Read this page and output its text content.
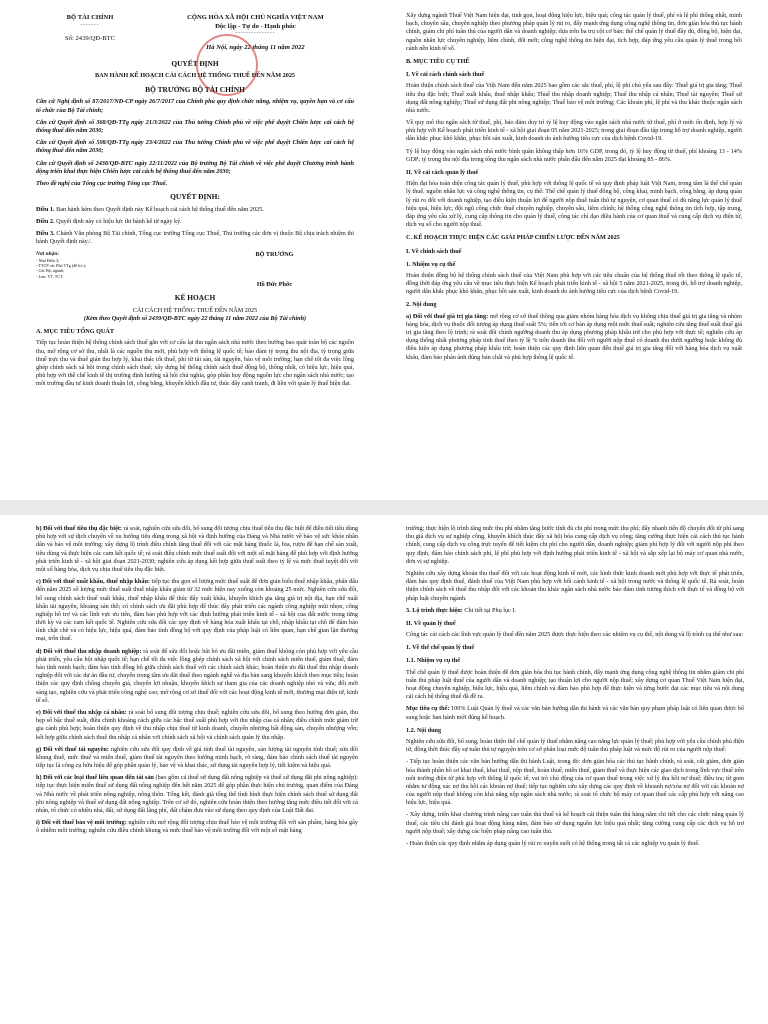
BỘ TÀI CHÍNH
-------
Số: 2439/QĐ-BTC
CỘNG HÒA XÃ HỘI CHỦ NGHĨA VIỆT NAM
Độc lập - Tự do - Hạnh phúc
---------------
Hà Nội, ngày 22 tháng 11 năm 2022
QUYẾT ĐỊNH
BAN HÀNH KẾ HOẠCH CẢI CÁCH HỆ THỐNG THUẾ ĐẾN NĂM 2025
BỘ TRƯỞNG BỘ TÀI CHÍNH

Căn cứ Nghị định số 87/2017/NĐ-CP ngày 26/7/2017 của Chính phủ quy định chức năng, nhiệm vụ, quyền hạn và cơ cấu tổ chức của Bộ Tài chính;

Căn cứ Quyết định số 368/QĐ-TTg ngày 21/3/2022 của Thủ tướng Chính phủ về việc phê duyệt Chiến lược cải cách hệ thống thuế đến năm 2030;

Căn cứ Quyết định số 508/QĐ-TTg ngày 23/4/2022 của Thủ tướng Chính phủ về việc phê duyệt Chiến lược cải cách hệ thống thuế đến năm 2030;

Căn cứ Quyết định số 2438/QĐ-BTC ngày 22/11/2022 của Bộ trưởng Bộ Tài chính về việc phê duyệt Chương trình hành động triển khai thực hiện Chiến lược cải cách hệ thống thuế đến năm 2030;

Theo đề nghị của Tổng cục trưởng Tổng cục Thuế.

QUYẾT ĐỊNH:

Điều 1. Ban hành kèm theo Quyết định này Kế hoạch cải cách hệ thống thuế đến năm 2025.

Điều 2. Quyết định này có hiệu lực thi hành kể từ ngày ký.

Điều 3. Chánh Văn phòng Bộ Tài chính, Tổng cục trưởng Tổng cục Thuế, Thủ trưởng các đơn vị thuộc Bộ chịu trách nhiệm thi hành Quyết định này./.

Nơi nhận:
- Như Điều 3;
- TTCP các Phó TTg (để b/c);
- Các Bộ, ngành;
- Lưu: VT, TCT.
BỘ TRƯỞNG
Hồ Đức Phớc
KẾ HOẠCH
CẢI CÁCH HỆ THỐNG THUẾ ĐẾN NĂM 2025
(Kèm theo Quyết định số 2439/QĐ-BTC ngày 22 tháng 11 năm 2022 của Bộ Tài chính)
A. MỤC TIÊU TỔNG QUÁT

Tiếp tục hoàn thiện hệ thống chính sách thuế gắn với cơ cấu lại thu ngân sách nhà nước theo hướng bao quát toàn bộ các nguồn thu, mở rộng cơ sở thu, nhất là các nguồn thu mới, phù hợp với thông lệ quốc tế; bảo đảm tỷ trọng thu nội địa, tỷ trọng giữa thuế trực thu và thuế gián thu hợp lý, khai thác tốt thuế, phí từ tài sản, tài nguyên, bảo vệ môi trường; hạn chế tối đa việc lồng ghép chính sách xã hội trong chính sách thuế; xây dựng hệ thống chính sách thuế đồng bộ, thống nhất, có hiệu lực, hiệu quả, phù hợp với thể chế kinh tế thị trường định hướng xã hội chủ nghĩa, góp phần huy động nguồn lực cho ngân sách nhà nước; tạo môi trường đầu tư kinh doanh thuận lợi, công bằng, khuyến khích đầu tư, thúc đẩy cạnh tranh, đi liền với quản lý thuế hiện đại.

Xây dựng ngành Thuế Việt Nam hiện đại, tinh gọn, hoạt động hiệu lực, hiệu quả; công tác quản lý thuế, phí và lệ phí thống nhất, minh bạch, chuyên sâu, chuyên nghiệp theo phương pháp quản lý rủi ro, đẩy mạnh ứng dụng công nghệ thông tin, đơn giản hóa thủ tục hành chính, giảm chi phí tuân thủ của người dân và doanh nghiệp; dựa trên ba trụ cột cơ bản: thể chế quản lý thuế đầy đủ, đồng bộ, hiện đại, nguồn nhân lực chuyên nghiệp, liêm chính, đổi mới; công nghệ thông tin hiện đại, tích hợp, đáp ứng yêu cầu quản lý thuế trong bối cảnh nền kinh tế số.

B. MỤC TIÊU CỤ THỂ
I. Về cải cách chính sách thuế

Hoàn thiện chính sách thuế của Việt Nam đến năm 2025 bao gồm các sắc thuế, phí, lệ phí chủ yếu sau đây: Thuế giá trị gia tăng; Thuế tiêu thụ đặc biệt; Thuế xuất khẩu, thuế nhập khẩu; Thuế thu nhập doanh nghiệp; Thuế thu nhập cá nhân; Thuế tài nguyên; Thuế sử dụng đất nông nghiệp; Thuế sử dụng đất phi nông nghiệp; Thuế bảo vệ môi trường; Các khoản phí, lệ phí và thu khác thuộc ngân sách nhà nước.

Về quy mô thu ngân sách từ thuế, phí, bảo đảm duy trì tỷ lệ huy động vào ngân sách nhà nước từ thuế, phí ở mức ổn định, hợp lý và phù hợp với Kế hoạch phát triển kinh tế - xã hội giai đoạn 05 năm 2021-2025; trong giai đoạn đầu tập trung hỗ trợ doanh nghiệp, người dân khắc phục khó khăn, phục hồi sản xuất, kinh doanh do ảnh hưởng tiêu cực của dịch bệnh Covid-19.

Tỷ lệ huy động vào ngân sách nhà nước bình quân không thấp hơn 16% GDP, trong đó, tỷ lệ huy động từ thuế, phí khoảng 13 - 14% GDP; tỷ trọng thu nội địa trong tổng thu ngân sách nhà nước phấn đấu đến năm 2025 đạt khoảng 85 - 86%.

II. Về cải cách quản lý thuế

Hiện đại hóa toàn diện công tác quản lý thuế, phù hợp với thông lệ quốc tế và quy định pháp luật Việt Nam, trong tâm là thể chế quản lý thuế, nguồn nhân lực và công nghệ thông tin, cụ thể: Thể chế quản lý thuế đồng bộ, công khai, minh bạch, công bằng, áp dụng quản lý rủi ro đối với doanh nghiệp, tạo điều kiện thuận lợi để người nộp thuế tuân thủ tự nguyện, cơ quan thuế có đủ năng lực quản lý thuế hiệu quả, hiệu lực; đội ngũ công chức thuế chuyên nghiệp, chuyên sâu, liêm chính; hệ thống công nghệ thông tin tích hợp, tập trung, đáp ứng yêu cầu xử lý, cung cấp thông tin cho quản lý thuế, công tác chỉ đạo điều hành của cơ quan thuế và cung cấp dịch vụ điện tử, dịch vụ số cho người nộp thuế.

C. KẾ HOẠCH THỰC HIỆN CÁC GIẢI PHÁP CHIẾN LƯỢC ĐẾN NĂM 2025
I. Về chính sách thuế
1. Nhiệm vụ cụ thể

Hoàn thiện đồng bộ hệ thống chính sách thuế của Việt Nam phù hợp với các tiêu chuẩn của hệ thống thuế tốt theo thông lệ quốc tế, đồng thời đáp ứng yêu cầu về mục tiêu thực hiện Kế hoạch phát triển kinh tế - xã hội 5 năm 2021-2025, trong đó, hỗ trợ doanh nghiệp, người dân khắc phục khó khăn, phục hồi sản xuất, kinh doanh do ảnh hưởng tiêu cực của dịch bệnh Covid-19.

2. Nội dung

a) Đối với thuế giá trị gia tăng: mở rộng cơ sở thuế thông qua giảm nhóm hàng hóa dịch vụ không chịu thuế giá trị gia tăng và nhóm hàng hóa, dịch vụ thuộc đối tượng áp dụng thuế suất 5%; tiến tới cơ bản áp dụng một mức thuế suất; nghiên cứu tăng thuế suất thuế giá trị gia tăng theo lộ trình; rà soát đối chính ngưỡng doanh thu áp dụng phương pháp khấu trừ cho phù hợp với thực tế; nghiên cứu áp dụng thống nhất phương pháp tính thuế theo tỷ lệ % trên doanh thu đối với người nộp thuế có doanh thu dưới ngưỡng hoặc không đủ điều kiện áp dụng phương pháp khấu trừ; hoàn thiện các quy định liên quan đến thuế giá trị gia tăng đối với hàng hóa dịch vụ xuất khẩu, đảm bảo phản ánh đúng bản chất và phù hợp thông lệ quốc tế.

b) Đối với thuế tiêu thụ đặc biệt: rà soát, nghiên cứu sửa đổi, bổ sung đối tượng chịu thuế tiêu thụ đặc biệt để điều tiết tiêu dùng phù hợp với sự dịch chuyển về xu hướng tiêu dùng trong xã hội và định hướng của Đảng và Nhà nước về bảo vệ sức khỏe nhân dân và bảo vệ môi trường; xây dựng lộ trình điều chỉnh tăng thuế đối với các mặt hàng thuốc lá, bia, rượu để hạn chế sản xuất, tiêu dùng và thực hiện các cam kết quốc tế; rà soát điều chỉnh mức thuế suất đối với một số mặt hàng để phù hợp với định hướng phát triển kinh tế - xã hội giai đoạn 2021-2030; nghiên cứu áp dụng kết hợp giữa thuế suất theo tỷ lệ và mức thuế tuyệt đối với một số hàng hóa, dịch vụ chịu thuế tiêu thụ đặc biệt.

c) Đối với thuế xuất khẩu, thuế nhập khẩu: tiếp tục thu gọn số lượng mức thuế suất để đơn giản biểu thuế nhập khẩu, phấn đấu đến năm 2025 số lượng mức thuế suất thuế nhập khẩu giảm từ 32 mức hiện nay xuống còn khoảng 25 mức. Nghiên cứu sửa đổi, bổ sung chính sách thuế xuất khẩu, thuế nhập khẩu để thúc đẩy xuất khẩu, khuyến khích gia tăng giá trị nội địa, hạn chế xuất khẩu tài nguyên, khoáng sản thô; có chính sách ưu đãi phù hợp để thúc đẩy phát triển các ngành công nghiệp mũi nhọn, công nghiệp hỗ trợ và các lĩnh vực ưu tiên, đảm bảo phù hợp với các định hướng phát triển kinh tế - xã hội của đất nước trong từng thời kỳ và các cam kết quốc tế. Nghiên cứu sửa đổi các quy định về hàng hóa xuất khẩu tại chỗ, nhập khẩu tại chỗ để đảm bảo tính chặt chẽ và có hiệu lực, hiệu quả, đảm bảo tính đồng bộ với quy định của pháp luật có liên quan, hạn chế gian lận thương mại, trốn thuế.

d) Đối với thuế thu nhập doanh nghiệp: rà soát để sửa đổi hoặc bãi bỏ ưu đãi miễn, giảm thuế không còn phù hợp với yêu cầu phát triển, yêu cầu hội nhập quốc tế; hạn chế tối đa việc lồng ghép chính sách xã hội với chính sách miễn thuế, giảm thuế, đảm bảo tính minh bạch; đảm bảo tính đồng bộ giữa chính sách thuế với các chính sách khác; hoàn thiện ưu đãi thuế thu nhập doanh nghiệp đối với các dự án đầu tư, chuyển trọng tâm ưu đãi thuế theo ngành nghề và địa bàn sang khuyến khích theo mục tiêu; hoàn thiện các quy định chống chuyển giá, chuyển lợi nhuận, khuyến khích sự tham gia của các doanh nghiệp nhỏ và vừa; đổi mới sáng tạo, nghiên cứu và phát triển công nghệ cao; mở rộng cơ sở thuế đối với các hoạt động kinh tế mới, thương mại điện tử, kinh tế số.

e) Đối với thuế thu nhập cá nhân: rà soát bổ sung đối tượng chịu thuế; nghiên cứu sửa đổi, bổ sung theo hướng đơn giản, thu hẹp số bậc thuế suất, điều chỉnh khoảng cách giữa các bậc thuế suất phù hợp với thu nhập của cá nhân; điều chỉnh mức giảm trừ gia cảnh phù hợp; hoàn thiện quy định về thu nhập chịu thuế từ kinh doanh, chuyển nhượng bất động sản, chuyển nhượng vốn; kết hợp giữa chính sách thuế thu nhập cá nhân với chính sách xã hội và chính sách quản lý thu nhập.

g) Đối với thuế tài nguyên: nghiên cứu sửa đổi quy định về giá tính thuế tài nguyên, sản lượng tài nguyên tính thuế; sửa đổi khung thuế, mức thuế và miễn thuế, giảm thuế tài nguyên theo hướng minh bạch, rõ ràng, đảm bảo chính sách thuế tài nguyên tiếp tục là công cụ hữu hiệu để góp phần quản lý, bảo vệ và khai thác, sử dụng tài nguyên hợp lý, tiết kiệm và hiệu quả.

h) Đối với các loại thuế liên quan đến tài sản (bao gồm cả thuế sử dụng đất nông nghiệp và thuế sử dụng đất phi nông nghiệp): tiếp tục thực hiện miễn thuế sử dụng đất nông nghiệp đến hết năm 2025 để góp phần thực hiện chủ trương, quan điểm của Đảng và Nhà nước về phát triển nông nghiệp, nông thôn. Tổng kết, đánh giá tổng thể tình hình thực hiện chính sách thuế sử dụng đất phi nông nghiệp và thuế sử dụng đất nông nghiệp. Trên cơ sở đó, nghiên cứu hoàn thiện theo hướng tăng mức điều tiết đối với cá nhân, tổ chức có nhiều nhà, đất, sử dụng đất lãng phí, đất chậm đưa vào sử dụng theo quy định của Luật Đất đai.

i) Đối với thuế bảo vệ môi trường: nghiên cứu mở rộng đối tượng chịu thuế bảo vệ môi trường đối với sản phẩm, hàng hóa gây ô nhiễm môi trường; nghiên cứu điều chỉnh khung và mức thuế bảo vệ môi trường đối với một số mặt hàng

trường; thực hiện lộ trình tăng mức thu phí nhằm tăng bước tính đủ chi phí trong mức thu phí; đẩy nhanh tiến độ chuyển đổi từ phí sang thu giá dịch vụ sự nghiệp công, khuyến khích thúc đẩy xã hội hóa cung cấp dịch vụ công; tăng cường thực hiện cải cách thủ tục hành chính, cung cấp dịch vụ công trực tuyến để tiết kiệm chi phí cho người dân, doanh nghiệp; giảm phí hợp lý đối với người nộp phí theo quy định, đảm bảo chính sách phí, lệ phí phù hợp với định hướng phát triển kinh tế - xã hội và sắp xếp lại bộ máy cơ quan nhà nước, đơn vị sự nghiệp.

Nghiên cứu xây dựng khoản thu thuế đối với các hoạt động kinh tế mới, các hình thức kinh doanh mới phù hợp với thực tế phát triển, đảm bảo quy định thuế, đánh thuế của Việt Nam phù hợp với bối cảnh kinh tế - xã hội trong nước và thông lệ quốc tế. Rà soát, hoàn thiện chính sách về thuế thu nhập đối với các khoản thu khác ngân sách nhà nước bảo đảm tính tương thích với thực tế và đồng bộ với pháp luật chuyên ngành.

3. Lộ trình thực hiện: Chi tiết tại Phụ lục I.

II. Về quản lý thuế

Công tác cải cách các lĩnh vực quản lý thuế đến năm 2025 được thực hiện theo các nhiệm vụ cụ thể, nội dung và lộ trình cụ thể như sau:

1. Về thể chế quản lý thuế
1.1. Nhiệm vụ cụ thể

Thể chế quản lý thuế được hoàn thiện để đơn giản hóa thủ tục hành chính, đẩy mạnh ứng dụng công nghệ thông tin nhằm giảm chi phí tuân thủ pháp luật thuế của người dân và doanh nghiệp; tạo thuận lợi cho người nộp thuế; xây dựng cơ quan Thuế Việt Nam hiện đại, hoạt động chuyên nghiệp, hiệu lực, hiệu quả, liêm chính và đảm bảo phù hợp để thực hiện và từng bước đạt các mục tiêu và nội dung cải cách hệ thống thuế đã đề ra.

Mục tiêu cụ thể: 100% Luật Quản lý thuế và các văn bản hướng dẫn thi hành và các văn bản quy phạm pháp luật có liên quan được bổ sung hoặc ban hành mới đúng kế hoạch.

1.2. Nội dung

Nghiên cứu sửa đổi, bổ sung, hoàn thiện thể chế quản lý thuế nhằm nâng cao năng lực quản lý thuế; phù hợp với yêu cầu chính phủ điện tử, đồng thời thúc đẩy sự tuân thủ tự nguyện trên cơ sở phân loại mức độ tuân thủ pháp luật và mức độ rủi ro của người nộp thuế:

- Tiếp tục hoàn thiện các văn bản hướng dẫn thi hành Luật, trong đó: đơn giản hóa các thủ tục hành chính, rà soát, cắt giảm, đơn giản hóa thành phần hồ sơ khai thuế, khai thuế, nộp thuế, hoàn thuế, miễn thuế, giảm thuế và thực hiện các giao dịch trong lĩnh vực thuế trên môi trường điện tử phù hợp với thông lệ quốc tế; vai trò chủ động của cơ quan thuế trong việc xử lý thu hồi nợ thuế; điều tra; từ gom nhằm tư động xác nợ thu hồi các khoản nợ thuế; tiếp tục nghiên cứu xây dựng các quy định về khoanh nợ/xóa nợ đối với các khoản nợ của người nộp thuế không còn khả năng nộp ngân sách nhà nước; rà soát tổ chức bộ máy cơ quan thuế các cấp phù hợp với nâng cao hiệu lực, hiệu quả.

- Xây dựng, triển khai chương trình nâng cao tuân thủ thuế và kế hoạch cải thiện tuân thủ hàng năm chi tiết cho các chức năng quản lý thuế, các tiêu chí đánh giá hoạt động hàng năm, đảm bảo sử dụng nguồn lực hiệu quả nhất; tăng cường cung cấp các dịch vụ hỗ trợ người nộp thuế; xây dựng các biện pháp nâng cao tuân thủ.

- Hoàn thiện các quy định nhằm áp dụng quản lý rủi ro xuyên suốt có hệ thống trong tất cả các nghiệp vụ quản lý thuế.
